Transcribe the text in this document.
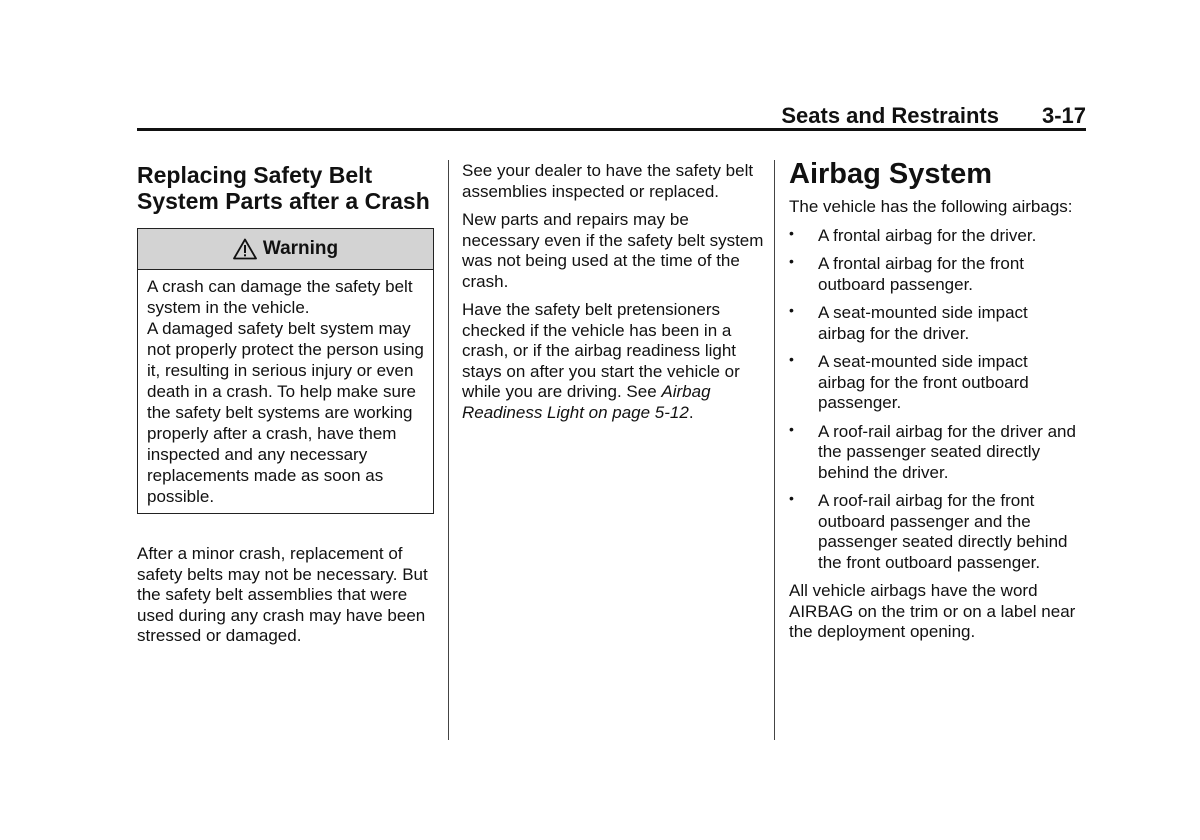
Seats and Restraints 3-17
Replacing Safety Belt System Parts after a Crash
Warning

A crash can damage the safety belt system in the vehicle.

A damaged safety belt system may not properly protect the person using it, resulting in serious injury or even death in a crash. To help make sure the safety belt systems are working properly after a crash, have them inspected and any necessary replacements made as soon as possible.

After a minor crash, replacement of safety belts may not be necessary. But the safety belt assemblies that were used during any crash may have been stressed or damaged.

See your dealer to have the safety belt assemblies inspected or replaced.

New parts and repairs may be necessary even if the safety belt system was not being used at the time of the crash.

Have the safety belt pretensioners checked if the vehicle has been in a crash, or if the airbag readiness light stays on after you start the vehicle or while you are driving. See Airbag Readiness Light on page 5-12.

Airbag System

The vehicle has the following airbags:

• A frontal airbag for the driver.
• A frontal airbag for the front outboard passenger.
• A seat-mounted side impact airbag for the driver.
• A seat-mounted side impact airbag for the front outboard passenger.
• A roof-rail airbag for the driver and the passenger seated directly behind the driver.
• A roof-rail airbag for the front outboard passenger and the passenger seated directly behind the front outboard passenger.

All vehicle airbags have the word AIRBAG on the trim or on a label near the deployment opening.
